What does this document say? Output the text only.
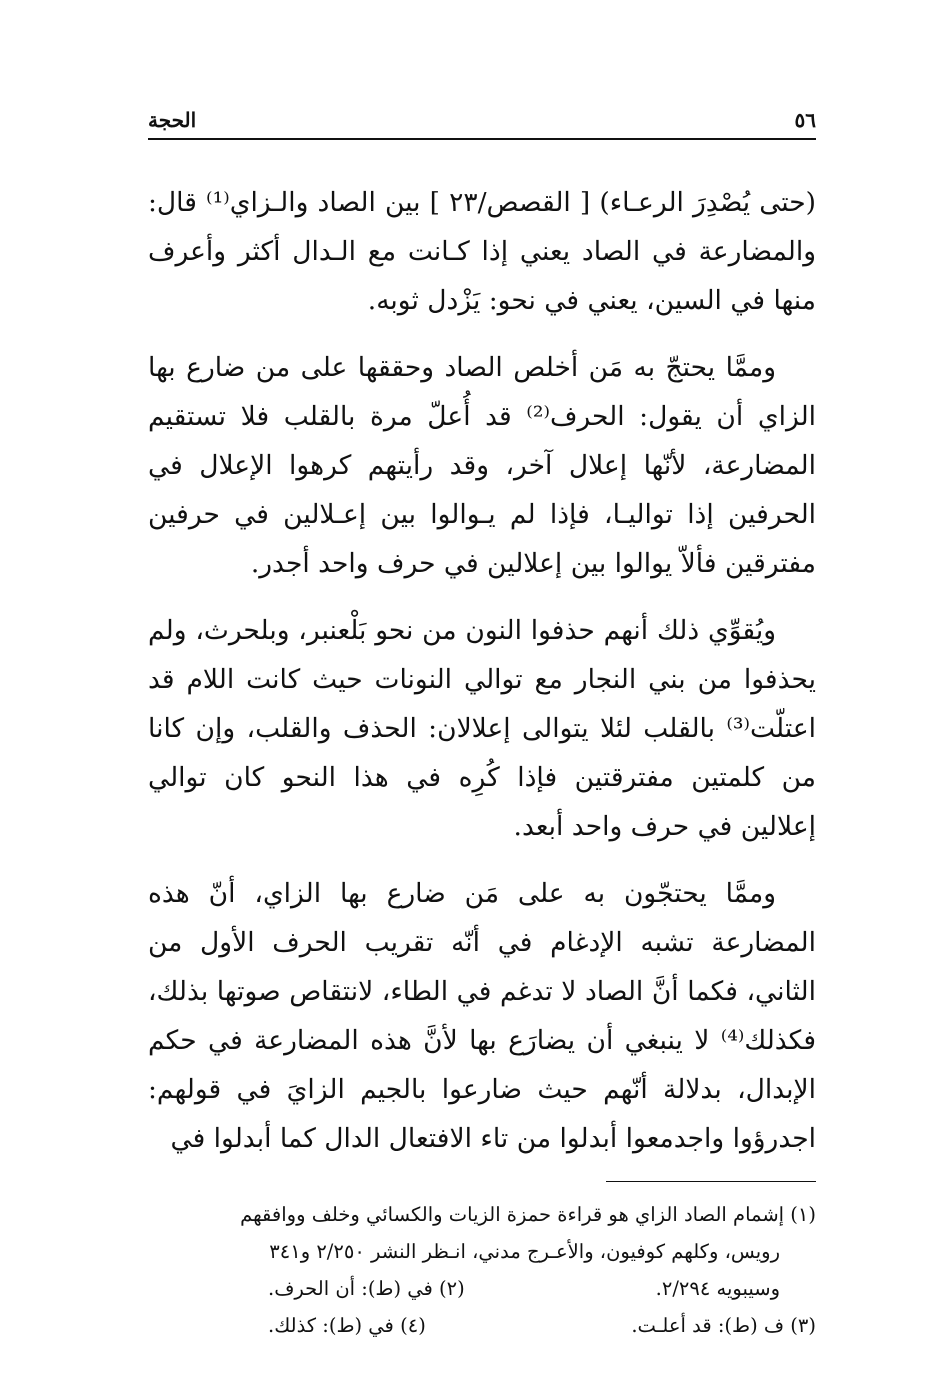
٥٦
الحجة

(حتى يُصْدِرَ الرعـاء) [ القصص/٢٣ ] بين الصاد والـزاي⁽¹⁾ قال: والمضارعة في الصاد يعني إذا كـانت مع الـدال أكثر وأعرف منها في السين، يعني في نحو: يَزْدل ثوبه.

وممَّا يحتجّ به مَن أخلص الصاد وحققها على من ضارع بها الزاي أن يقول: الحرف⁽²⁾ قد أُعلّ مرة بالقلب فلا تستقيم المضارعة، لأنّها إعلال آخر، وقد رأيتهم كرهوا الإعلال في الحرفين إذا تواليـا، فإذا لم يـوالوا بين إعـلالين في حرفين مفترقين فألاّ يوالوا بين إعلالين في حرف واحد أجدر.

ويُقوِّي ذلك أنهم حذفوا النون من نحو بَلْعنبر، وبلحرث، ولم يحذفوا من بني النجار مع توالي النونات حيث كانت اللام قد اعتلّت⁽³⁾ بالقلب لئلا يتوالى إعلالان: الحذف والقلب، وإن كانا من كلمتين مفترقتين فإذا كُرِه في هذا النحو كان توالي إعلالين في حرف واحد أبعد.

وممَّا يحتجّون به على مَن ضارع بها الزاي، أنّ هذه المضارعة تشبه الإدغام في أنّه تقريب الحرف الأول من الثاني، فكما أنَّ الصاد لا تدغم في الطاء، لانتقاص صوتها بذلك، فكذلك⁽⁴⁾ لا ينبغي أن يضارَع بها لأنَّ هذه المضارعة في حكم الإبدال، بدلالة أنّهم حيث ضارعوا بالجيم الزايَ في قولهم: اجدرؤوا واجدمعوا أبدلوا من تاء الافتعال الدال كما أبدلوا في

(١) إشمام الصاد الزاي هو قراءة حمزة الزيات والكسائي وخلف ووافقهم

رويس، وكلهم كوفيون، والأعـرج مدني، انـظر النشر ٢/٢٥٠ و٣٤١

وسيبويه ٢/٢٩٤.
(٢) في (ط): أن الحرف.
(٣) ف (ط): قد أعلـت.
(٤) في (ط): كذلك.
